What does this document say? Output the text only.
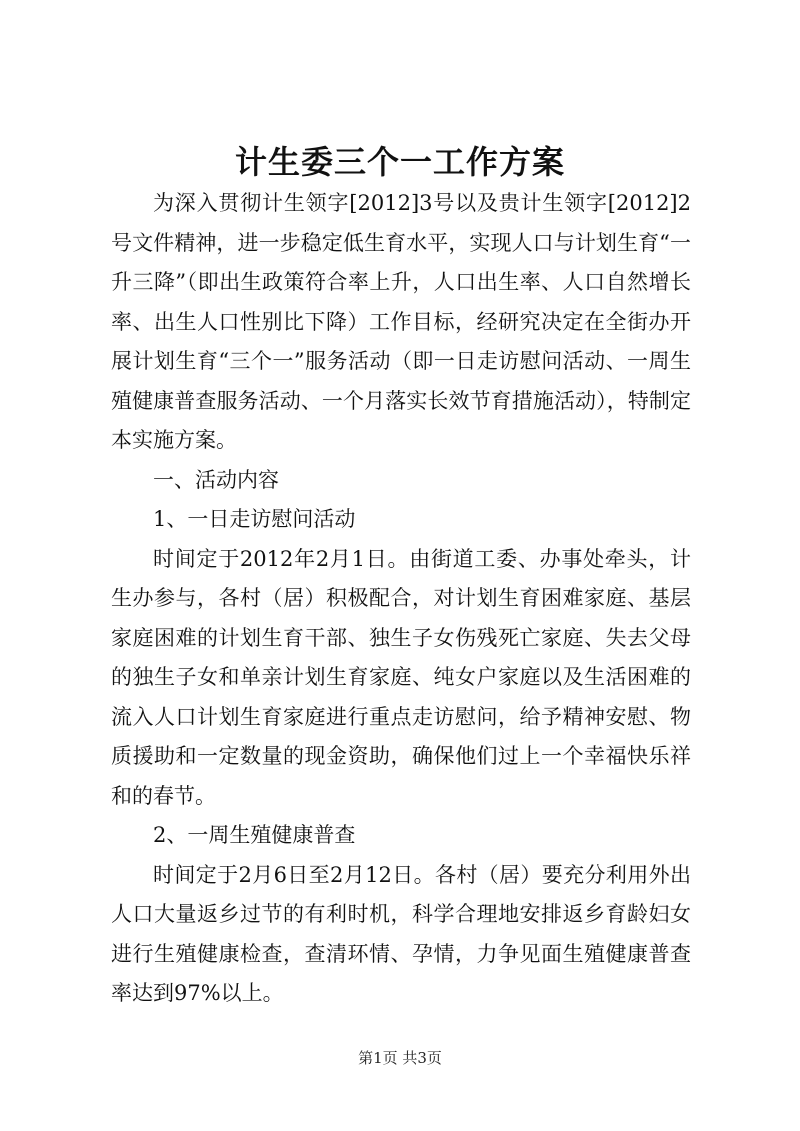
计生委三个一工作方案

为深入贯彻计生领字[2012]3号以及贵计生领字[2012]2号文件精神，进一步稳定低生育水平，实现人口与计划生育“一升三降”（即出生政策符合率上升，人口出生率、人口自然增长率、出生人口性别比下降）工作目标，经研究决定在全街办开展计划生育“三个一”服务活动（即一日走访慰问活动、一周生殖健康普查服务活动、一个月落实长效节育措施活动），特制定本实施方案。

一、活动内容

1、一日走访慰问活动

时间定于2012年2月1日。由街道工委、办事处牵头，计生办参与，各村（居）积极配合，对计划生育困难家庭、基层家庭困难的计划生育干部、独生子女伤残死亡家庭、失去父母的独生子女和单亲计划生育家庭、纯女户家庭以及生活困难的流入人口计划生育家庭进行重点走访慰问，给予精神安慰、物质援助和一定数量的现金资助，确保他们过上一个幸福快乐祥和的春节。

2、一周生殖健康普查

时间定于2月6日至2月12日。各村（居）要充分利用外出人口大量返乡过节的有利时机，科学合理地安排返乡育龄妇女进行生殖健康检查，查清环情、孕情，力争见面生殖健康普查率达到97%以上。

第1页 共3页
